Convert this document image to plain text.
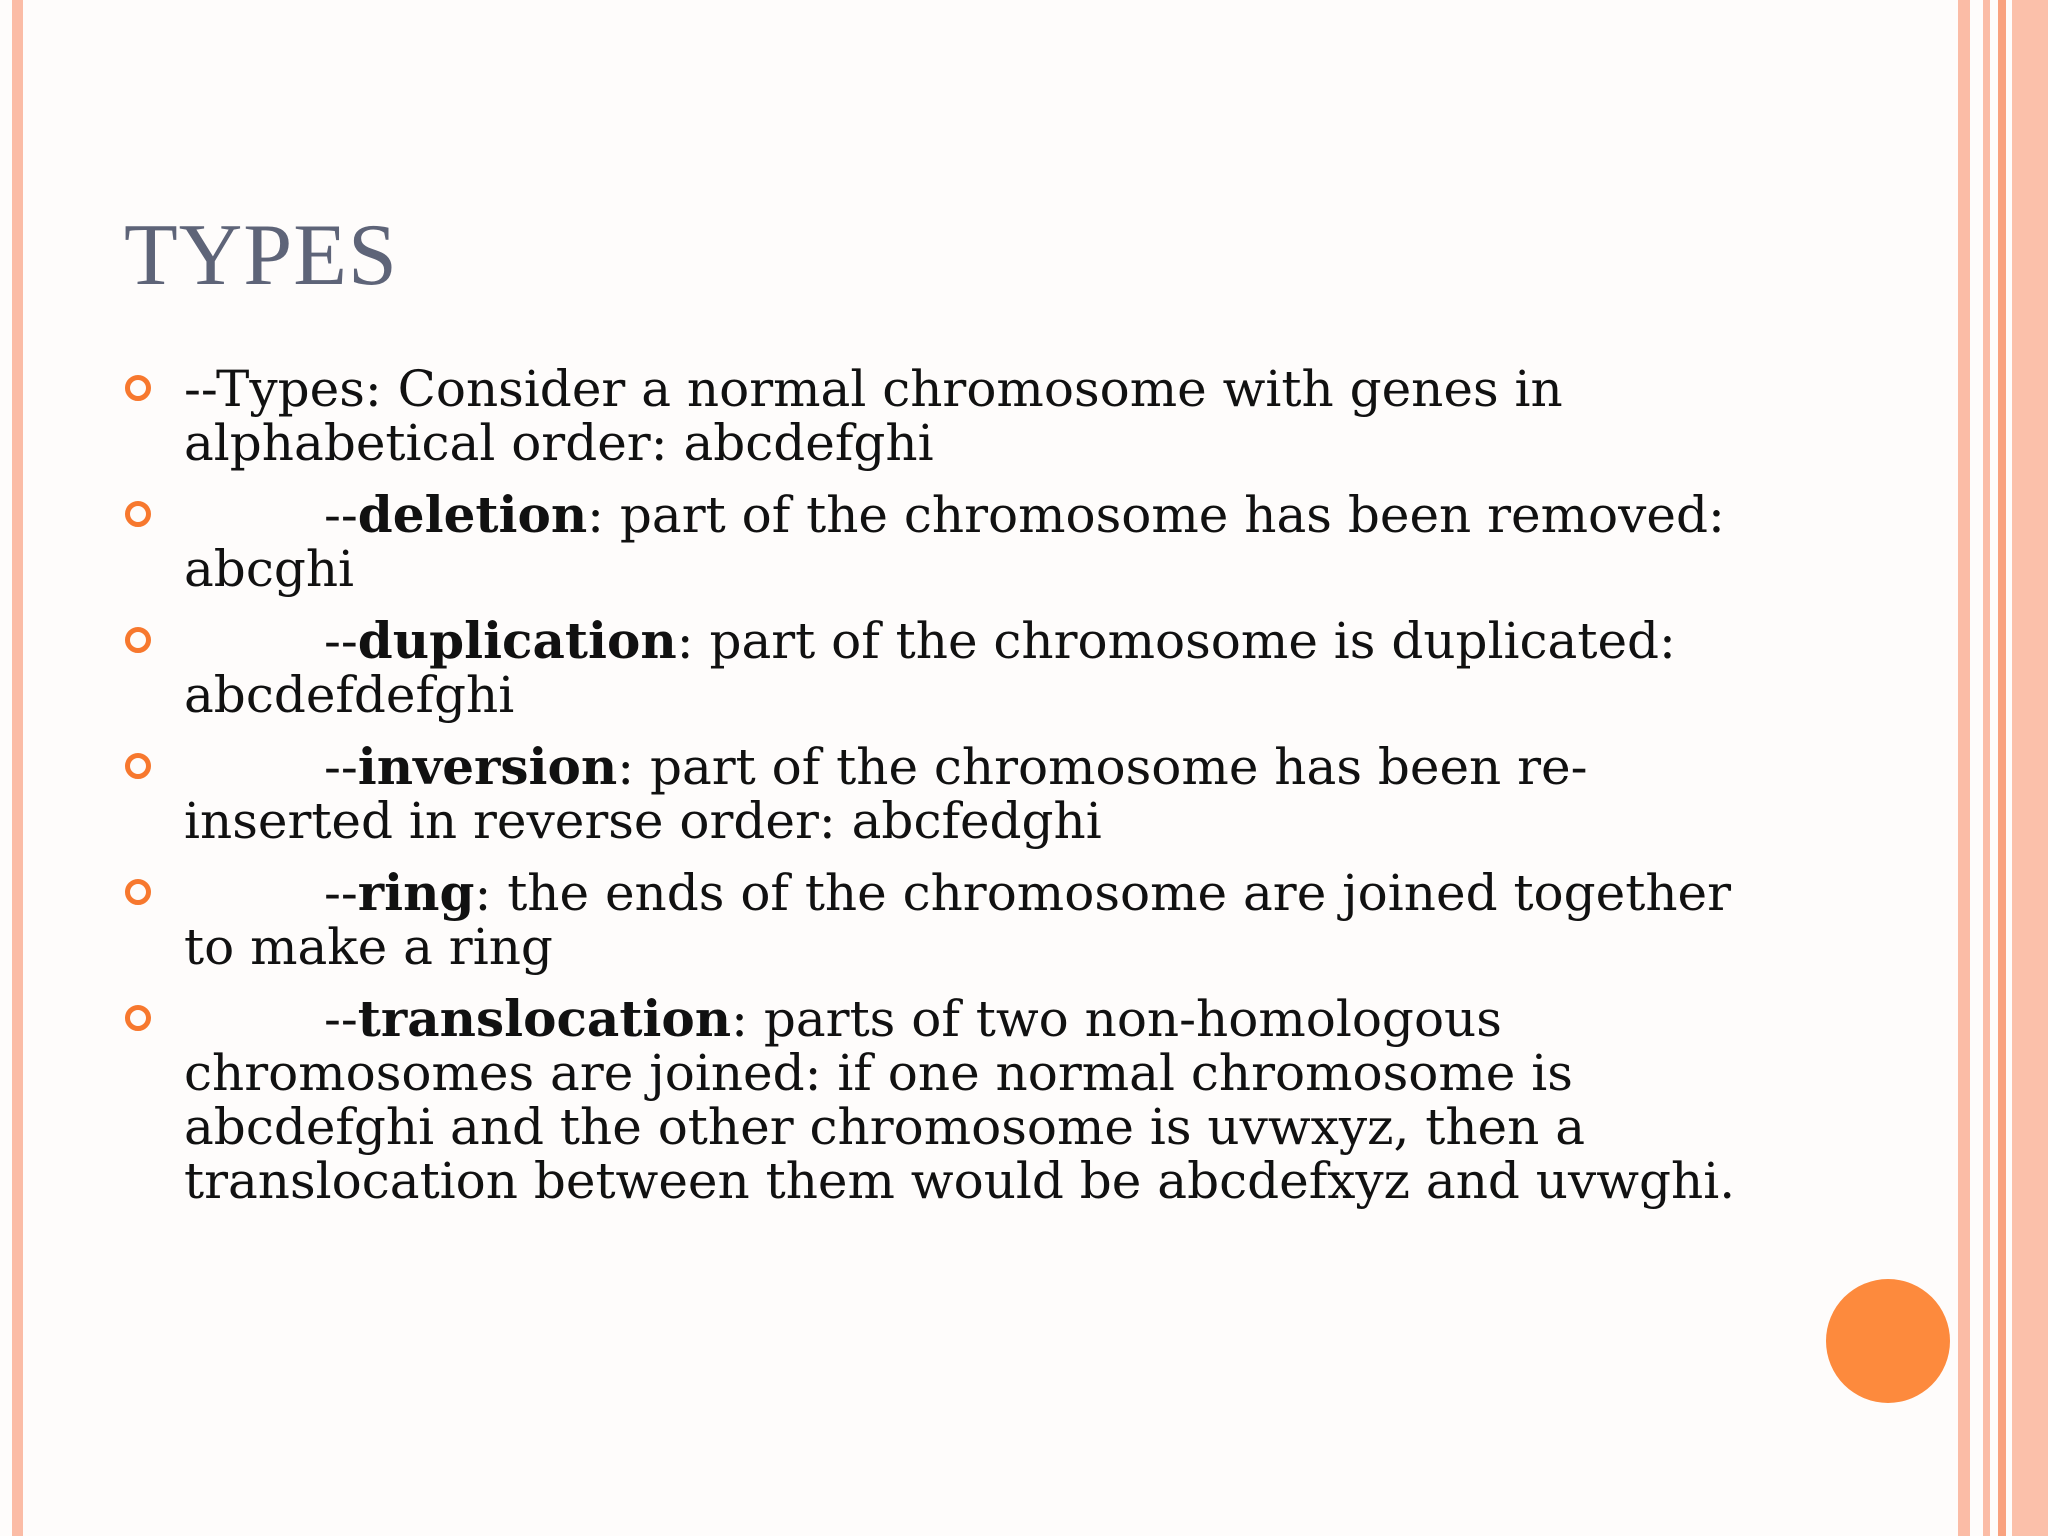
TYPES
--Types: Consider a normal chromosome with genes in alphabetical order: abcdefghi
--deletion: part of the chromosome has been removed: abcghi
--duplication: part of the chromosome is duplicated: abcdefdefghi
--inversion: part of the chromosome has been re-inserted in reverse order: abcfedghi
--ring: the ends of the chromosome are joined together to make a ring
--translocation: parts of two non-homologous chromosomes are joined: if one normal chromosome is abcdefghi and the other chromosome is uvwxyz, then a translocation between them would be abcdefxyz and uvwghi.
